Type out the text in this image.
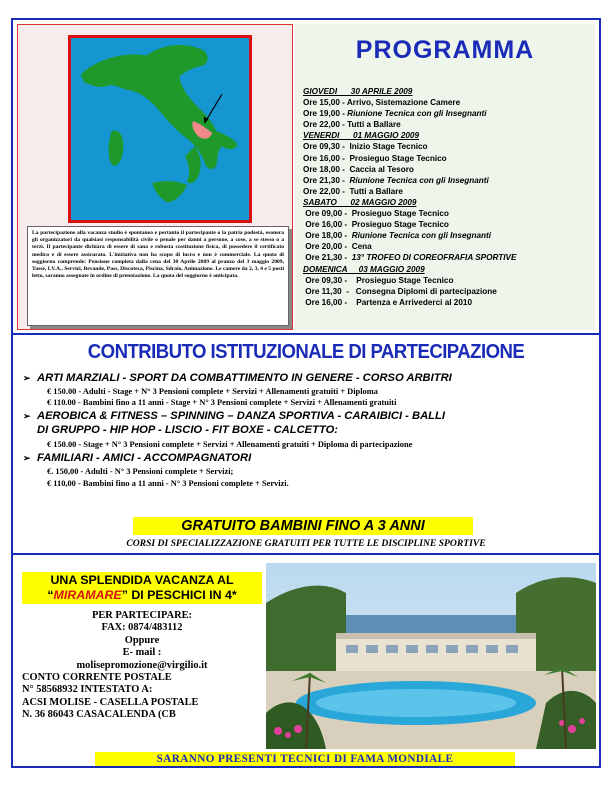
La partecipazione alla vacanza studio è spontanea e pertanto il partecipante o la patria podestà, esonera gli organizzatori da qualsiasi responsabilità civile o penale per danni a persone, a cose, a se stesso o a terzi. Il partecipante dichiara di essere di sana e robusta costituzione fisica, di possedere il certificato medico e di essere assicurato. L'iniziativa non ha scopo di lucro e non è commerciale. La quota di soggiorno comprende: Pensione completa dalla cena del 30 Aprile 2009 al pranzo del 3 maggio 2009, Tasse, I.V.A., Servizi, Bevande, Pass, Discoteca, Piscina, Sdraio, Animazione. Le camere da 2, 3, 4 e 5 posti letto, saranno assegnate in ordine di prenotazione. La quota del soggiorno è anticipata.
PROGRAMMA
GIOVEDI      30 APRILE 2009
Ore 15,00 - Arrivo, Sistemazione Camere
Ore 19,00 - Riunione Tecnica con gli Insegnanti
Ore 22,00 - Tutti a Ballare
VENERDI      01 MAGGIO 2009
Ore 09,30 -  Inizio Stage Tecnico
Ore 16,00 -  Prosieguo Stage Tecnico
Ore 18,00 -  Caccia al Tesoro
Ore 21,30 -  Riunione Tecnica con gli Insegnanti
Ore 22,00 -  Tutti a Ballare
SABATO      02 MAGGIO 2009
Ore 09,00 -  Prosieguo Stage Tecnico
Ore 16,00 -  Prosieguo Stage Tecnico
Ore 18,00 -  Riunione Tecnica con gli Insegnanti
Ore 20,00 -  Cena
Ore 21,30 -  13° TROFEO DI COREOFRAFIA SPORTIVE
DOMENICA     03 MAGGIO 2009
Ore 09,30 -    Prosieguo Stage Tecnico
Ore 11,30  -   Consegna Diplomi di partecipazione
Ore 16,00 -    Partenza e Arrivederci al 2010
CONTRIBUTO ISTITUZIONALE DI PARTECIPAZIONE
➢ ARTI MARZIALI - SPORT DA COMBATTIMENTO IN GENERE - CORSO ARBITRI
€ 150.00 - Adulti - Stage + N° 3 Pensioni complete + Servizi + Allenamenti gratuiti + Diploma
€ 110.00 - Bambini fino a 11 anni - Stage + N° 3 Pensioni complete + Servizi + Allenamenti gratuiti
➢ AEROBICA & FITNESS – SPINNING – DANZA SPORTIVA - CARAIBICI - BALLI
DI GRUPPO - HIP HOP - LISCIO - FIT BOXE - CALCETTO:
€ 150.00 - Stage + N° 3 Pensioni complete + Servizi + Allenamenti gratuiti + Diploma di partecipazione
➢ FAMILIARI - AMICI - ACCOMPAGNATORI
€. 150,00 - Adulti - N° 3 Pensioni complete + Servizi;
€ 110,00 - Bambini fino a 11 anni - N° 3 Pensioni complete + Servizi.
GRATUITO BAMBINI FINO A 3 ANNI
CORSI DI SPECIALIZZAZIONE GRATUITI PER TUTTE LE DISCIPLINE SPORTIVE
UNA SPLENDIDA VACANZA AL
“MIRAMARE” DI PESCHICI IN 4*
PER PARTECIPARE:
FAX: 0874/483112
Oppure
E- mail :
molisepromozione@virgilio.it
CONTO CORRENTE POSTALE
N° 58568932 INTESTATO A:
ACSI MOLISE - CASELLA POSTALE
N. 36 86043 CASACALENDA (CB
SARANNO PRESENTI TECNICI DI FAMA MONDIALE
